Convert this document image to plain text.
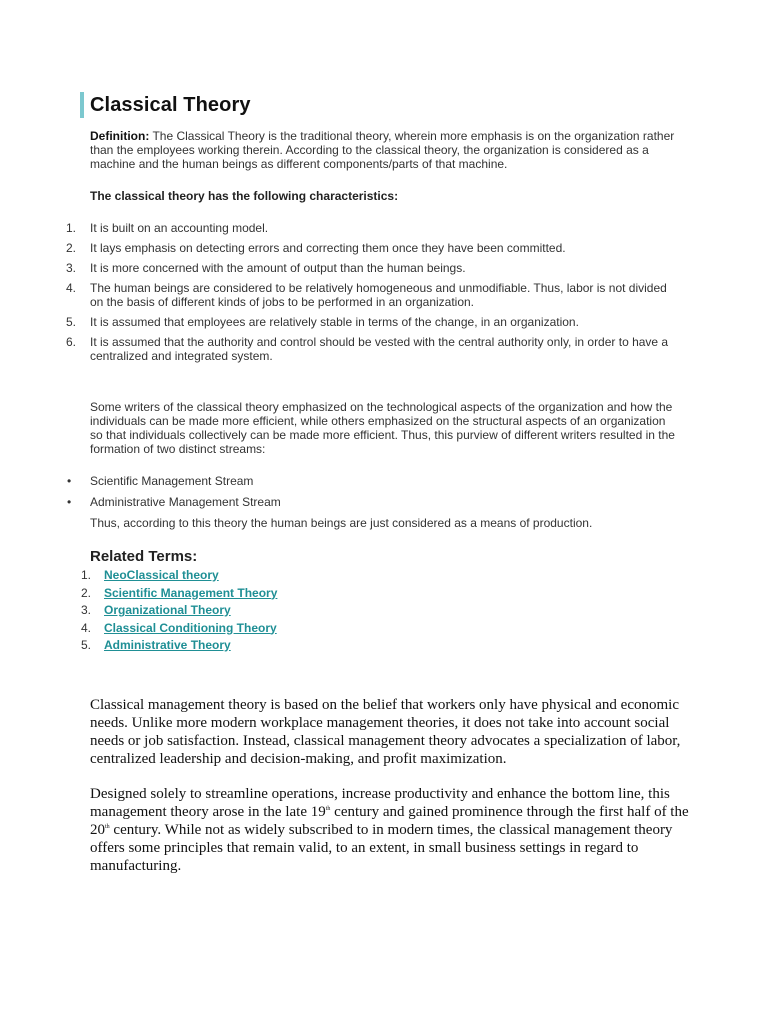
Classical Theory
Definition: The Classical Theory is the traditional theory, wherein more emphasis is on the organization rather than the employees working therein. According to the classical theory, the organization is considered as a machine and the human beings as different components/parts of that machine.
The classical theory has the following characteristics:
1. It is built on an accounting model.
2. It lays emphasis on detecting errors and correcting them once they have been committed.
3. It is more concerned with the amount of output than the human beings.
4. The human beings are considered to be relatively homogeneous and unmodifiable. Thus, labor is not divided on the basis of different kinds of jobs to be performed in an organization.
5. It is assumed that employees are relatively stable in terms of the change, in an organization.
6. It is assumed that the authority and control should be vested with the central authority only, in order to have a centralized and integrated system.
Some writers of the classical theory emphasized on the technological aspects of the organization and how the individuals can be made more efficient, while others emphasized on the structural aspects of an organization so that individuals collectively can be made more efficient. Thus, this purview of different writers resulted in the formation of two distinct streams:
• Scientific Management Stream
• Administrative Management Stream
Thus, according to this theory the human beings are just considered as a means of production.
Related Terms:
1. NeoClassical theory
2. Scientific Management Theory
3. Organizational Theory
4. Classical Conditioning Theory
5. Administrative Theory
Classical management theory is based on the belief that workers only have physical and economic needs. Unlike more modern workplace management theories, it does not take into account social needs or job satisfaction. Instead, classical management theory advocates a specialization of labor, centralized leadership and decision-making, and profit maximization.
Designed solely to streamline operations, increase productivity and enhance the bottom line, this management theory arose in the late 19th century and gained prominence through the first half of the 20th century. While not as widely subscribed to in modern times, the classical management theory offers some principles that remain valid, to an extent, in small business settings in regard to manufacturing.
